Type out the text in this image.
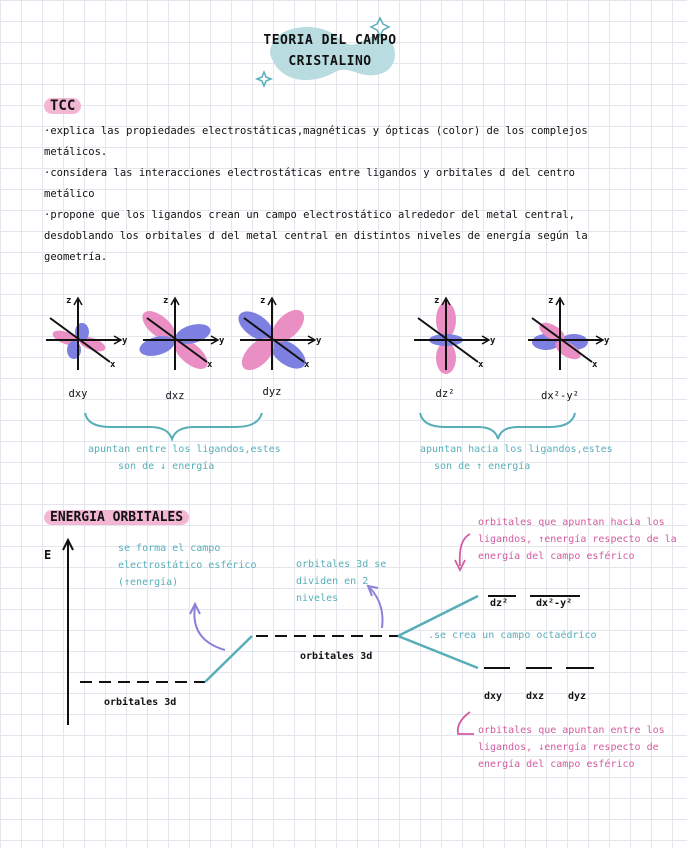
TEORIA DEL CAMPO
CRISTALINO
TCC

·explica las propiedades electrostáticas,magnéticas y ópticas (color) de los complejos metálicos.

·considera las interacciones electrostáticas entre ligandos y orbitales d del centro metálico

·propone que los ligandos crean un campo electrostático alrededor del metal central, desdoblando los orbitales d del metal central en distintos niveles de energía según la geometría.

z
y
x
z
y
x
z
y
x
z
y
x
z
y
x
dxy	dxz	dyz	dz²	dx²-y²
apuntan entre los ligandos,estes
son de ↓ energía
apuntan hacia los ligandos,estes
son de ↑ energía
ENERGIA ORBITALES
E	se forma el campo electrostático esférico (↑energía)
orbitales 3d se dividen en 2 niveles
.se crea un campo octaédrico
orbitales 3d
orbitales 3d
dz²	dx²-y²
dxy dxz dyz
orbitales que apuntan hacia los ligandos, ↑energía respecto de la energía del campo esférico
orbitales que apuntan entre los ligandos, ↓energía respecto de energía del campo esférico
